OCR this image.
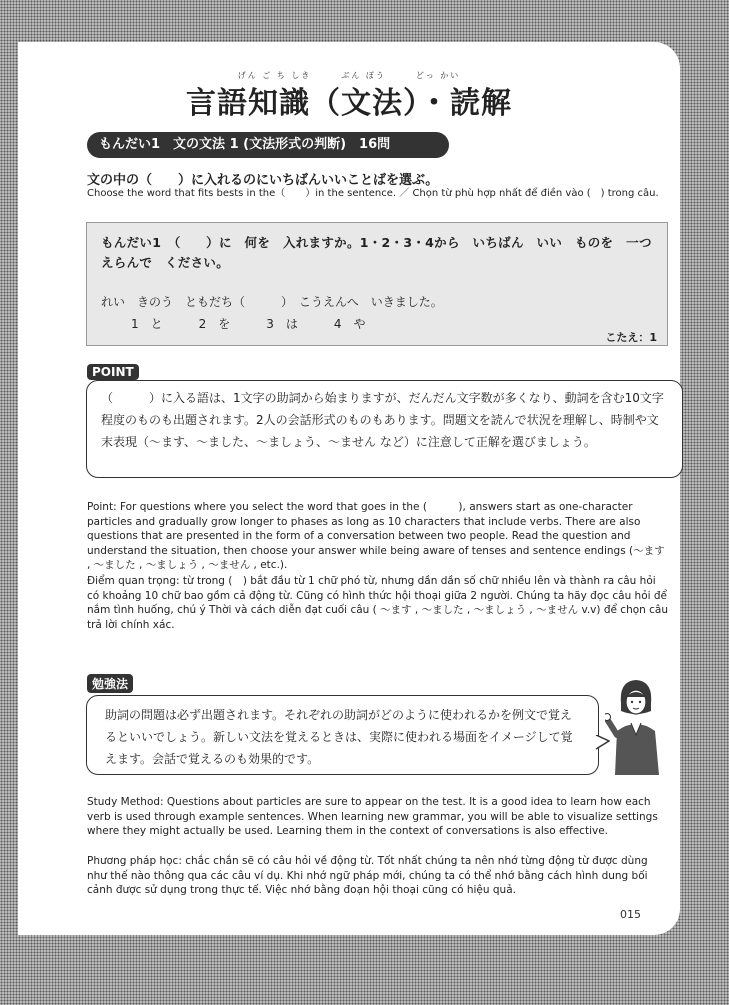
げん ご ち しき　　　ぶん ぽう　　　どっ かい
言語知識（文法）・読解
もんだい1　文の文法 1 (文法形式の判断)　16問
文の中の（　　）に入れるのにいちばんいいことばを選ぶ。
Choose the word that fits bests in the（　　）in the sentence. ／ Chọn từ phù hợp nhất để điền vào (　) trong câu.
もんだい1　（　　）に　何を　入れますか。1・2・3・4から　いちばん　いい　ものを　一つ　えらんで　ください。
れい　きのう　ともだち（　　　）　こうえんへ　いきました。
1　と　　　2　を　　　3　は　　　4　や
こたえ：1
POINT
（　　　）に入る語は、1文字の助詞から始まりますが、だんだん文字数が多くなり、動詞を含む10文字程度のものも出題されます。2人の会話形式のものもあります。問題文を読んで状況を理解し、時制や文末表現（〜ます、〜ました、〜ましょう、〜ません など）に注意して正解を選びましょう。
Point: For questions where you select the word that goes in the (　　　), answers start as one-character particles and gradually grow longer to phases as long as 10 characters that include verbs. There are also questions that are presented in the form of a conversation between two people. Read the question and understand the situation, then choose your answer while being aware of tenses and sentence endings (～ます , ～ました , ～ましょう , ～ません , etc.).
Điểm quan trọng: từ trong (　) bắt đầu từ 1 chữ phó từ, nhưng dần dần số chữ nhiều lên và thành ra câu hỏi có khoảng 10 chữ bao gồm cả động từ. Cũng có hình thức hội thoại giữa 2 người. Chúng ta hãy đọc câu hỏi để nắm tình huống, chú ý Thời và cách diễn đạt cuối câu ( ～ます , ～ました , ～ましょう , ～ません v.v) để chọn câu trả lời chính xác.
勉強法
助詞の問題は必ず出題されます。それぞれの助詞がどのように使われるかを例文で覚えるといいでしょう。新しい文法を覚えるときは、実際に使われる場面をイメージして覚えます。会話で覚えるのも効果的です。
Study Method: Questions about particles are sure to appear on the test. It is a good idea to learn how each verb is used through example sentences. When learning new grammar, you will be able to visualize settings where they might actually be used. Learning them in the context of conversations is also effective.
Phương pháp học: chắc chắn sẽ có câu hỏi về động từ. Tốt nhất chúng ta nên nhớ từng động từ được dùng như thế nào thông qua các câu ví dụ. Khi nhớ ngữ pháp mới, chúng ta có thể nhớ bằng cách hình dung bối cảnh được sử dụng trong thực tế. Việc nhớ bằng đoạn hội thoại cũng có hiệu quả.
015
